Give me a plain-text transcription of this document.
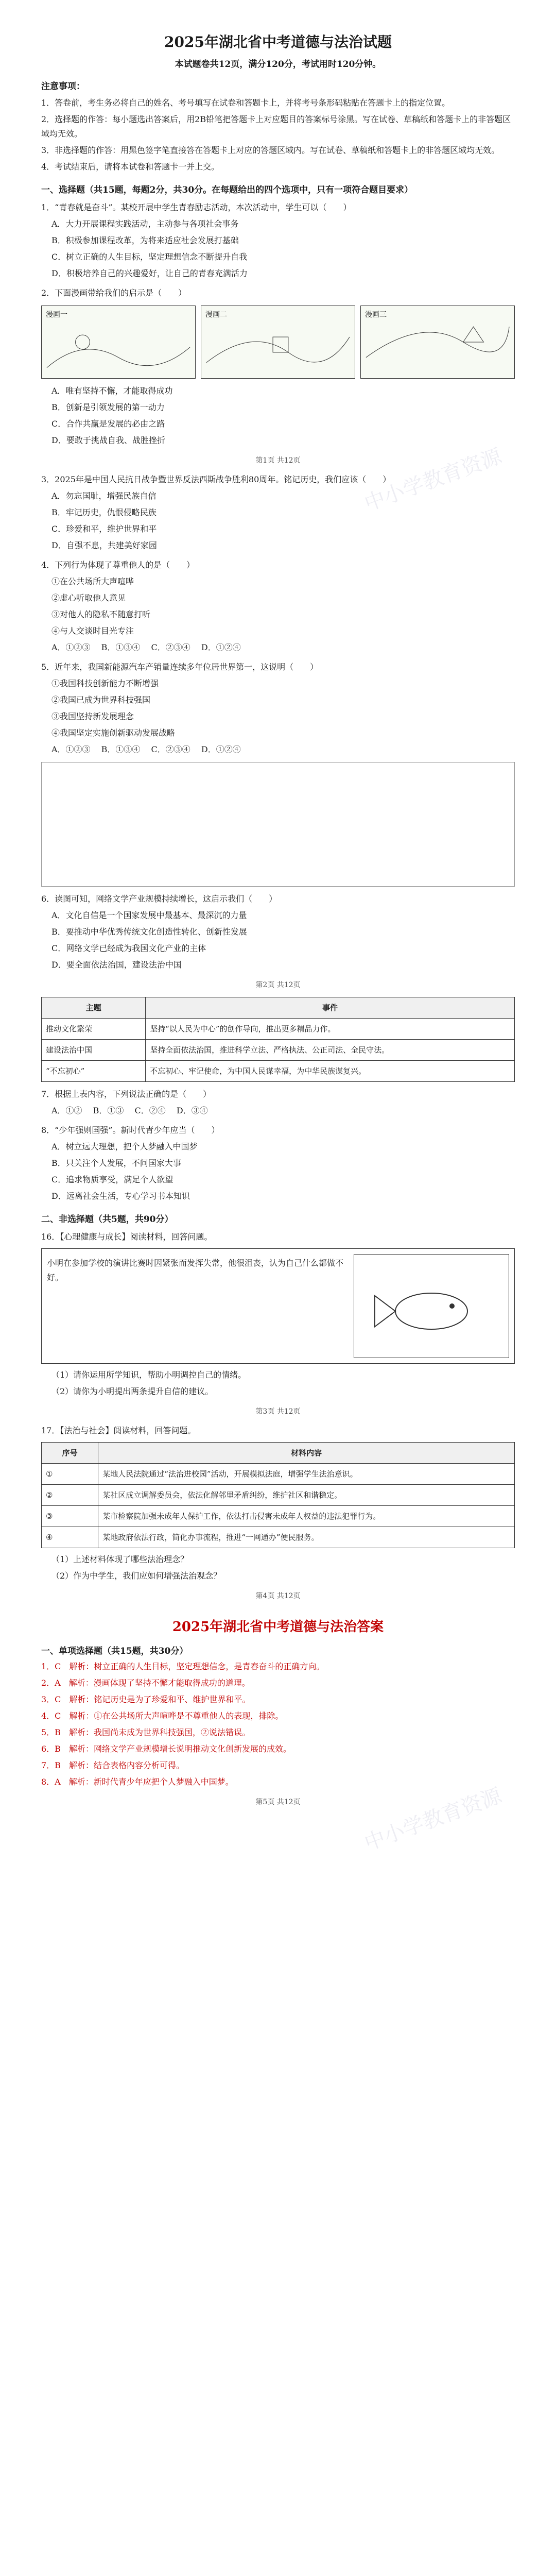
中小学教育资源
中小学教育资源
2025年湖北省中考道德与法治试题
本试题卷共12页，满分120分，考试用时120分钟。
注意事项：

1．答卷前，考生务必将自己的姓名、考号填写在试卷和答题卡上，并将考号条形码粘贴在答题卡上的指定位置。

2．选择题的作答：每小题选出答案后，用2B铅笔把答题卡上对应题目的答案标号涂黑。写在试卷、草稿纸和答题卡上的非答题区域均无效。

3．非选择题的作答：用黑色签字笔直接答在答题卡上对应的答题区域内。写在试卷、草稿纸和答题卡上的非答题区域均无效。

4．考试结束后，请将本试卷和答题卡一并上交。

一、选择题（共15题，每题2分，共30分。在每题给出的四个选项中，只有一项符合题目要求）

1．“青春就是奋斗”。某校开展中学生青春励志活动，本次活动中，学生可以（　　）

A．大力开展课程实践活动，主动参与各项社会事务

B．积极参加课程改革，为将来适应社会发展打基础

C．树立正确的人生目标，坚定理想信念不断提升自我

D．积极培养自己的兴趣爱好，让自己的青春充满活力

2．下面漫画带给我们的启示是（　　）

漫画一	漫画二	漫画三

A．唯有坚持不懈，才能取得成功

B．创新是引领发展的第一动力

C．合作共赢是发展的必由之路

D．要敢于挑战自我、战胜挫折

第1页 共12页

3．2025年是中国人民抗日战争暨世界反法西斯战争胜利80周年。铭记历史，我们应该（　　）

A．勿忘国耻，增强民族自信

B．牢记历史，仇恨侵略民族

C．珍爱和平，维护世界和平

D．自强不息，共建美好家园

4．下列行为体现了尊重他人的是（　　）

①在公共场所大声喧哗

②虚心听取他人意见

③对他人的隐私不随意打听

④与人交谈时目光专注

A．①②③　 B．①③④　 C．②③④　 D．①②④

5．近年来，我国新能源汽车产销量连续多年位居世界第一，这说明（　　）

①我国科技创新能力不断增强

②我国已成为世界科技强国

③我国坚持新发展理念

④我国坚定实施创新驱动发展战略

A．①②③　 B．①③④　 C．②③④　 D．①②④

6．读图可知，网络文学产业规模持续增长，这启示我们（　　）

A．文化自信是一个国家发展中最基本、最深沉的力量

B．要推动中华优秀传统文化创造性转化、创新性发展

C．网络文学已经成为我国文化产业的主体

D．要全面依法治国，建设法治中国

第2页 共12页
主题	事件
推动文化繁荣	坚持“以人民为中心”的创作导向，推出更多精品力作。
建设法治中国	坚持全面依法治国，推进科学立法、严格执法、公正司法、全民守法。
“不忘初心”	不忘初心、牢记使命，为中国人民谋幸福，为中华民族谋复兴。

7．根据上表内容，下列说法正确的是（　　）

A．①②　 B．①③　 C．②④　 D．③④

8．“少年强则国强”。新时代青少年应当（　　）

A．树立远大理想，把个人梦融入中国梦

B．只关注个人发展，不问国家大事

C．追求物质享受，满足个人欲望

D．远离社会生活，专心学习书本知识

二、非选择题（共5题，共90分）

16．【心理健康与成长】阅读材料，回答问题。

小明在参加学校的演讲比赛时因紧张而发挥失常，他很沮丧，认为自己什么都做不好。

（1）请你运用所学知识，帮助小明调控自己的情绪。

（2）请你为小明提出两条提升自信的建议。

第3页 共12页

17．【法治与社会】阅读材料，回答问题。

序号	材料内容
①	某地人民法院通过“法治进校园”活动，开展模拟法庭，增强学生法治意识。
②	某社区成立调解委员会，依法化解邻里矛盾纠纷，维护社区和谐稳定。
③	某市检察院加强未成年人保护工作，依法打击侵害未成年人权益的违法犯罪行为。
④	某地政府依法行政，简化办事流程，推进“一网通办”便民服务。

（1）上述材料体现了哪些法治理念？

（2）作为中学生，我们应如何增强法治观念？

第4页 共12页
2025年湖北省中考道德与法治答案
一、单项选择题（共15题，共30分）

1．C　解析：树立正确的人生目标，坚定理想信念，是青春奋斗的正确方向。

2．A　解析：漫画体现了坚持不懈才能取得成功的道理。

3．C　解析：铭记历史是为了珍爱和平、维护世界和平。

4．C　解析：①在公共场所大声喧哗是不尊重他人的表现，排除。

5．B　解析：我国尚未成为世界科技强国，②说法错误。

6．B　解析：网络文学产业规模增长说明推动文化创新发展的成效。

7．B　解析：结合表格内容分析可得。

8．A　解析：新时代青少年应把个人梦融入中国梦。

第5页 共12页
